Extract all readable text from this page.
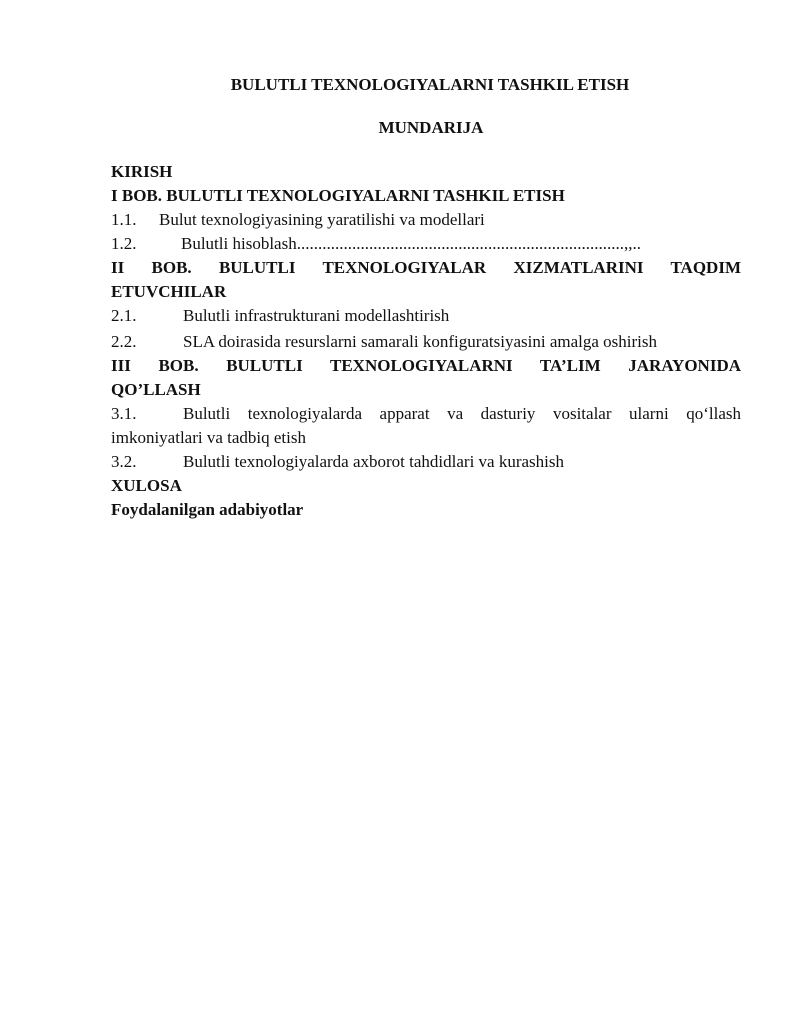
BULUTLI TEXNOLOGIYALARNI TASHKIL ETISH
MUNDARIJA
KIRISH
I BOB. BULUTLI TEXNOLOGIYALARNI TASHKIL ETISH
1.1.	Bulut texnologiyasining yaratilishi va modellari
1.2.	Bulutli hisoblash.............................................................................,,..
II BOB. BULUTLI TEXNOLOGIYALAR XIZMATLARINI TAQDIM
ETUVCHILAR
2.1.	Bulutli infrastrukturani modellashtirish
2.2.	SLA doirasida resurslarni samarali konfiguratsiyasini amalga oshirish
III BOB. BULUTLI TEXNOLOGIYALARNI TA’LIM JARAYONIDA
QO’LLASH
3.1.	Bulutli texnologiyalarda apparat va dasturiy vositalar ularni qo‘llash
imkoniyatlari va tadbiq etish
3.2.	Bulutli texnologiyalarda axborot tahdidlari va kurashish
XULOSA
Foydalanilgan adabiyotlar
